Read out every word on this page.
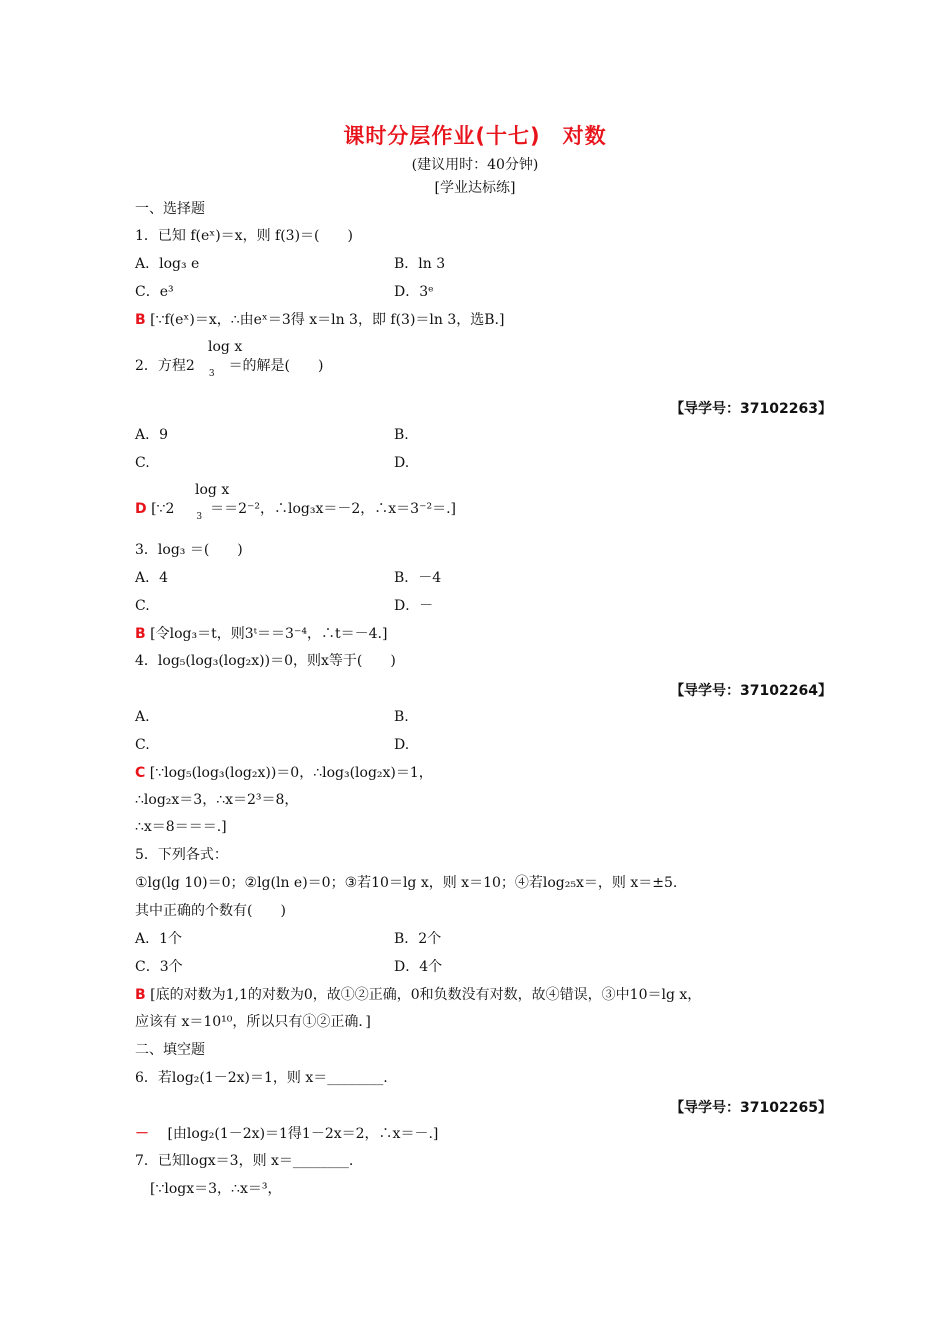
课时分层作业(十七)　对数
(建议用时：40分钟)
[学业达标练]
一、选择题
1．已知 f(eˣ)＝x，则 f(3)＝(　　)
A．log₃ e	B．ln 3
C．e³	D．3ᵉ
B [∵f(eˣ)＝x，∴由eˣ＝3得 x＝ln 3，即 f(3)＝ln 3，选B.]
log x
2．方程2 $_3$ ＝的解是(　　)
【导学号：37102263】
A．9	B.
C.	D.
log x
D [∵2 $_3$ ＝＝2⁻²，∴log₃x＝－2，∴x＝3⁻²＝.]
3．log₃ ＝(　　)
A．4	B．－4
C.	D．－
B [令log₃＝t，则3ᵗ＝＝3⁻⁴，∴t＝－4.]
4．log₅(log₃(log₂x))＝0，则x等于(　　)
【导学号：37102264】
A.	B.
C.	D.
C [∵log₅(log₃(log₂x))＝0，∴log₃(log₂x)＝1，
∴log₂x＝3，∴x＝2³＝8，
∴x＝8＝＝＝.]
5．下列各式：
①lg(lg 10)＝0；②lg(ln e)＝0；③若10＝lg x，则 x＝10；④若log₂₅x＝，则 x＝±5.
其中正确的个数有(　　)
A．1个	B．2个
C．3个	D．4个
B [底的对数为1,1的对数为0，故①②正确，0和负数没有对数，故④错误，③中10＝lg x，
应该有 x＝10¹⁰，所以只有①②正确．]
二、填空题
6．若log₂(1－2x)＝1，则 x＝________.
【导学号：37102265】
－ [由log₂(1－2x)＝1得1－2x＝2，∴x＝－.]
7．已知logx＝3，则 x＝________.
[∵logx＝3，∴x＝³，
